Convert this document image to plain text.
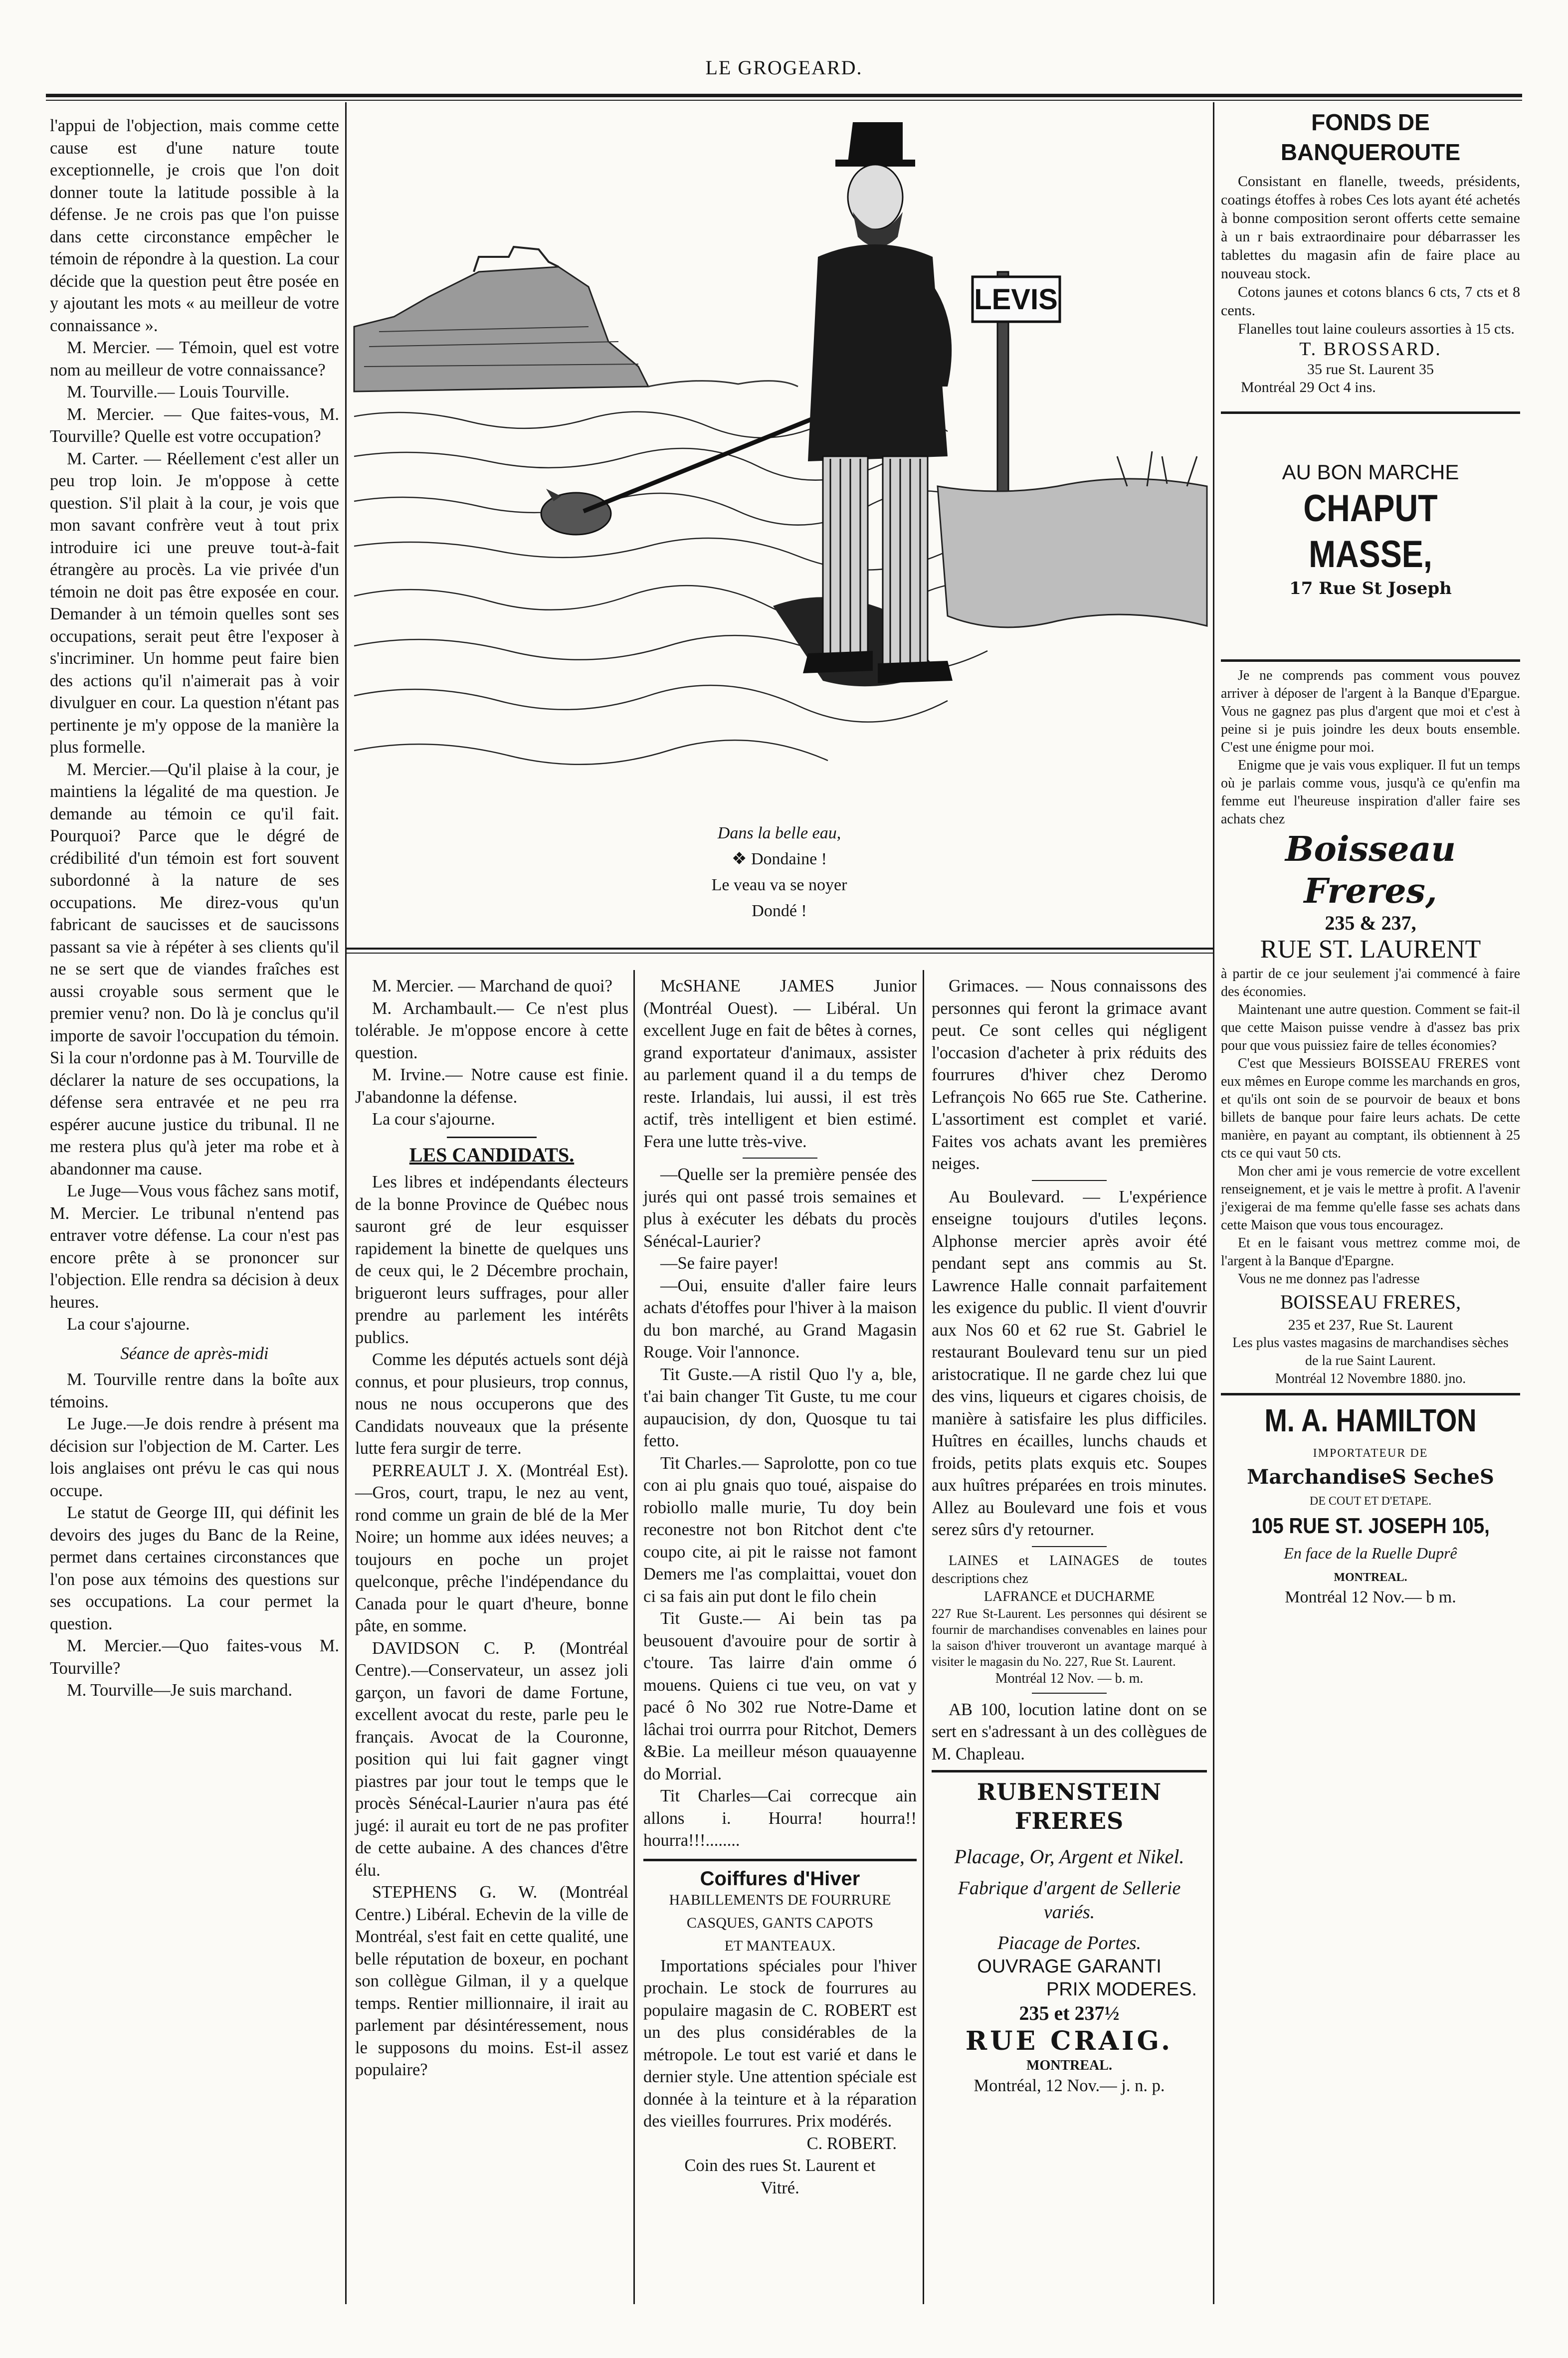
LE GROGEARD.

l'appui de l'objection, mais comme cette cause est d'une nature toute exceptionnelle, je crois que l'on doit donner toute la latitude possible à la défense. Je ne crois pas que l'on puisse dans cette circonstance empêcher le témoin de répondre à la question. La cour décide que la question peut être posée en y ajoutant les mots « au meilleur de votre connaissance ».

M. Mercier. — Témoin, quel est votre nom au meilleur de votre connaissance?

M. Tourville.— Louis Tourville.

M. Mercier. — Que faites-vous, M. Tourville? Quelle est votre occupation?

M. Carter. — Réellement c'est aller un peu trop loin. Je m'oppose à cette question. S'il plait à la cour, je vois que mon savant confrère veut à tout prix introduire ici une preuve tout-à-fait étrangère au procès. La vie privée d'un témoin ne doit pas être exposée en cour. Demander à un témoin quelles sont ses occupations, serait peut être l'exposer à s'incriminer. Un homme peut faire bien des actions qu'il n'aimerait pas à voir divulguer en cour. La question n'étant pas pertinente je m'y oppose de la manière la plus formelle.

M. Mercier.—Qu'il plaise à la cour, je maintiens la légalité de ma question. Je demande au témoin ce qu'il fait. Pourquoi? Parce que le dégré de crédibilité d'un témoin est fort souvent subordonné à la nature de ses occupations. Me direz-vous qu'un fabricant de saucisses et de saucissons passant sa vie à répéter à ses clients qu'il ne se sert que de viandes fraîches est aussi croyable sous serment que le premier venu? non. Do là je conclus qu'il importe de savoir l'occupation du témoin. Si la cour n'ordonne pas à M. Tourville de déclarer la nature de ses occupations, la défense sera entravée et ne peu rra espérer aucune justice du tribunal. Il ne me restera plus qu'à jeter ma robe et à abandonner ma cause.

Le Juge—Vous vous fâchez sans motif, M. Mercier. Le tribunal n'entend pas entraver votre défense. La cour n'est pas encore prête à se prononcer sur l'objection. Elle rendra sa décision à deux heures.

La cour s'ajourne.

Séance de après-midi

M. Tourville rentre dans la boîte aux témoins.

Le Juge.—Je dois rendre à présent ma décision sur l'objection de M. Carter. Les lois anglaises ont prévu le cas qui nous occupe.

Le statut de George III, qui définit les devoirs des juges du Banc de la Reine, permet dans certaines circonstances que l'on pose aux témoins des questions sur ses occupations. La cour permet la question.

M. Mercier.—Quo faites-vous M. Tourville?

M. Tourville—Je suis marchand.

LEVIS
Dans la belle eau,
❖ Dondaine !
Le veau va se noyer
Dondé !

M. Mercier. — Marchand de quoi?

M. Archambault.— Ce n'est plus tolérable. Je m'oppose encore à cette question.

M. Irvine.— Notre cause est finie. J'abandonne la défense.

La cour s'ajourne.

LES CANDIDATS.

Les libres et indépendants électeurs de la bonne Province de Québec nous sauront gré de leur esquisser rapidement la binette de quelques uns de ceux qui, le 2 Décembre prochain, brigueront leurs suffrages, pour aller prendre au parlement les intérêts publics.

Comme les députés actuels sont déjà connus, et pour plusieurs, trop connus, nous ne nous occuperons que des Candidats nouveaux que la présente lutte fera surgir de terre.

PERREAULT J. X. (Montréal Est).—Gros, court, trapu, le nez au vent, rond comme un grain de blé de la Mer Noire; un homme aux idées neuves; a toujours en poche un projet quelconque, prêche l'indépendance du Canada pour le quart d'heure, bonne pâte, en somme.

DAVIDSON C. P. (Montréal Centre).—Conservateur, un assez joli garçon, un favori de dame Fortune, excellent avocat du reste, parle peu le français. Avocat de la Couronne, position qui lui fait gagner vingt piastres par jour tout le temps que le procès Sénécal-Laurier n'aura pas été jugé: il aurait eu tort de ne pas profiter de cette aubaine. A des chances d'être élu.

STEPHENS G. W. (Montréal Centre.) Libéral. Echevin de la ville de Montréal, s'est fait en cette qualité, une belle réputation de boxeur, en pochant son collègue Gilman, il y a quelque temps. Rentier millionnaire, il irait au parlement par désintéressement, nous le supposons du moins. Est-il assez populaire?

McSHANE JAMES Junior (Montréal Ouest). — Libéral. Un excellent Juge en fait de bêtes à cornes, grand exportateur d'animaux, assister au parlement quand il a du temps de reste. Irlandais, lui aussi, il est très actif, très intelligent et bien estimé. Fera une lutte très-vive.

—Quelle ser la première pensée des jurés qui ont passé trois semaines et plus à exécuter les débats du procès Sénécal-Laurier?

—Se faire payer!

—Oui, ensuite d'aller faire leurs achats d'étoffes pour l'hiver à la maison du bon marché, au Grand Magasin Rouge. Voir l'annonce.

Tit Guste.—A ristil Quo l'y a, ble, t'ai bain changer Tit Guste, tu me cour aupaucision, dy don, Quosque tu tai fetto.

Tit Charles.— Saprolotte, pon co tue con ai plu gnais quo toué, aispaise do robiollo malle murie, Tu doy bein reconestre not bon Ritchot dent c'te coupo cite, ai pit le raisse not famont Demers me l'as complaittai, vouet don ci sa fais ain put dont le filo chein

Tit Guste.— Ai bein tas pa beusouent d'avouire pour de sortir à c'toure. Tas lairre d'ain omme ó mouens. Quiens ci tue veu, on vat y pacé ô No 302 rue Notre-Dame et lâchai troi ourrra pour Ritchot, Demers &Bie. La meilleur méson quauayenne do Morrial.

Tit Charles—Cai correcque ain allons i. Hourra! hourra!! hourra!!!........

Coiffures d'Hiver
HABILLEMENTS DE FOURRURE
CASQUES, GANTS CAPOTS
ET MANTEAUX.

Importations spéciales pour l'hiver prochain. Le stock de fourrures au populaire magasin de C. ROBERT est un des plus considérables de la métropole. Le tout est varié et dans le dernier style. Une attention spéciale est donnée à la teinture et à la réparation des vieilles fourrures. Prix modérés.

C. ROBERT.
Coin des rues St. Laurent et Vitré.

Grimaces. — Nous connaissons des personnes qui feront la grimace avant peut. Ce sont celles qui négligent l'occasion d'acheter à prix réduits des fourrures d'hiver chez Deromo Lefrançois No 665 rue Ste. Catherine. L'assortiment est complet et varié. Faites vos achats avant les premières neiges.

Au Boulevard. — L'expérience enseigne toujours d'utiles leçons. Alphonse mercier après avoir été pendant sept ans commis au St. Lawrence Halle connait parfaitement les exigence du public. Il vient d'ouvrir aux Nos 60 et 62 rue St. Gabriel le restaurant Boulevard tenu sur un pied aristocratique. Il ne garde chez lui que des vins, liqueurs et cigares choisis, de manière à satisfaire les plus difficiles. Huîtres en écailles, lunchs chauds et froids, petits plats exquis etc. Soupes aux huîtres préparées en trois minutes. Allez au Boulevard une fois et vous serez sûrs d'y retourner.

LAINES et LAINAGES de toutes descriptions chez
LAFRANCE et DUCHARME
227 Rue St-Laurent. Les personnes qui désirent se fournir de marchandises convenables en laines pour la saison d'hiver trouveront un avantage marqué à visiter le magasin du No. 227, Rue St. Laurent.
Montréal 12 Nov. — b. m.

AB 100, locution latine dont on se sert en s'adressant à un des collègues de M. Chapleau.

RUBENSTEIN FRERES
Placage, Or, Argent et Nikel.
Fabrique d'argent de Sellerie variés.
Piacage de Portes.
OUVRAGE GARANTI
PRIX MODERES.
235 et 237½
RUE CRAIG.
MONTREAL.
Montréal, 12 Nov.— j. n. p.
FONDS DE BANQUEROUTE
Consistant en flanelle, tweeds, présidents, coatings étoffes à robes Ces lots ayant été achetés à bonne composition seront offerts cette semaine à un r bais extraordinaire pour débarrasser les tablettes du magasin afin de faire place au nouveau stock.
Cotons jaunes et cotons blancs 6 cts, 7 cts et 8 cents.
Flanelles tout laine couleurs assorties à 15 cts.
T. BROSSARD.
35 rue St. Laurent 35
Montréal 29 Oct 4 ins.
AU BON MARCHE
CHAPUT MASSE,
17 Rue St Joseph
Je ne comprends pas comment vous pouvez arriver à déposer de l'argent à la Banque d'Epargue. Vous ne gagnez pas plus d'argent que moi et c'est à peine si je puis joindre les deux bouts ensemble. C'est une énigme pour moi.
Enigme que je vais vous expliquer. Il fut un temps où je parlais comme vous, jusqu'à ce qu'enfin ma femme eut l'heureuse inspiration d'aller faire ses achats chez
Boisseau Freres,
235 & 237,
RUE ST. LAURENT
à partir de ce jour seulement j'ai commencé à faire des économies.
Maintenant une autre question. Comment se fait-il que cette Maison puisse vendre à d'assez bas prix pour que vous puissiez faire de telles économies?
C'est que Messieurs BOISSEAU FRERES vont eux mêmes en Europe comme les marchands en gros, et qu'ils ont soin de se pourvoir de beaux et bons billets de banque pour faire leurs achats. De cette manière, en payant au comptant, ils obtiennent à 25 cts ce qui vaut 50 cts.
Mon cher ami je vous remercie de votre excellent renseignement, et je vais le mettre à profit. A l'avenir j'exigerai de ma femme qu'elle fasse ses achats dans cette Maison que vous tous encouragez.
Et en le faisant vous mettrez comme moi, de l'argent à la Banque d'Epargne.
Vous ne me donnez pas l'adresse
BOISSEAU FRERES,
235 et 237, Rue St. Laurent
Les plus vastes magasins de marchandises sèches de la rue Saint Laurent.
Montréal 12 Novembre 1880. jno.
M. A. HAMILTON
IMPORTATEUR DE
MarchandiseS SecheS
DE COUT ET D'ETAPE.
105 RUE ST. JOSEPH 105,
En face de la Ruelle Duprê
MONTREAL.
Montréal 12 Nov.— b m.
